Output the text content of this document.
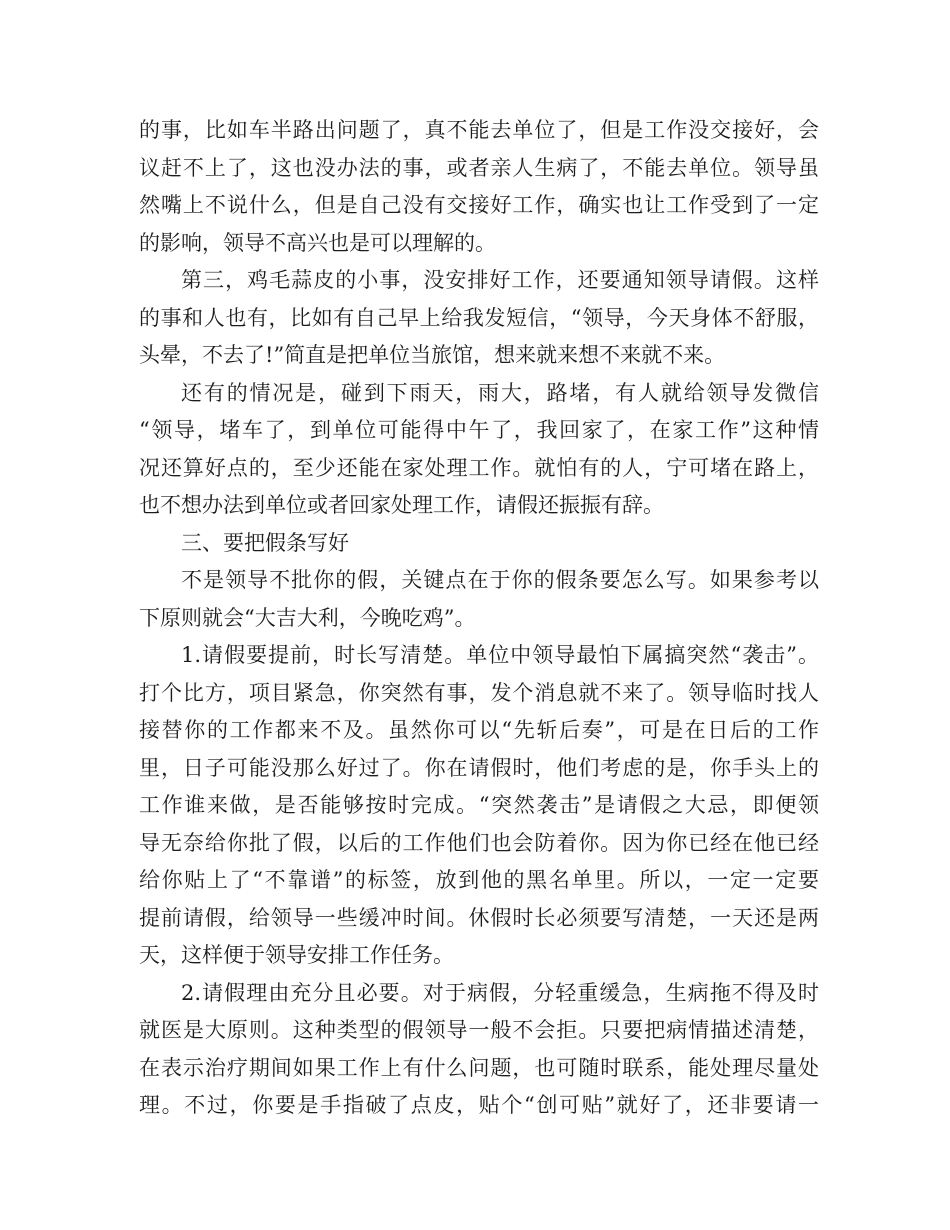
的事，比如车半路出问题了，真不能去单位了，但是工作没交接好，会
议赶不上了，这也没办法的事，或者亲人生病了，不能去单位。领导虽
然嘴上不说什么，但是自己没有交接好工作，确实也让工作受到了一定
的影响，领导不高兴也是可以理解的。
第三，鸡毛蒜皮的小事，没安排好工作，还要通知领导请假。这样
的事和人也有，比如有自己早上给我发短信，“领导，今天身体不舒服，
头晕，不去了!”简直是把单位当旅馆，想来就来想不来就不来。
还有的情况是，碰到下雨天，雨大，路堵，有人就给领导发微信
“领导，堵车了，到单位可能得中午了，我回家了，在家工作”这种情
况还算好点的，至少还能在家处理工作。就怕有的人，宁可堵在路上，
也不想办法到单位或者回家处理工作，请假还振振有辞。
三、要把假条写好
不是领导不批你的假，关键点在于你的假条要怎么写。如果参考以
下原则就会“大吉大利，今晚吃鸡”。
1.请假要提前，时长写清楚。单位中领导最怕下属搞突然“袭击”。
打个比方，项目紧急，你突然有事，发个消息就不来了。领导临时找人
接替你的工作都来不及。虽然你可以“先斩后奏”，可是在日后的工作
里，日子可能没那么好过了。你在请假时，他们考虑的是，你手头上的
工作谁来做，是否能够按时完成。“突然袭击”是请假之大忌，即便领
导无奈给你批了假，以后的工作他们也会防着你。因为你已经在他已经
给你贴上了“不靠谱”的标签，放到他的黑名单里。所以，一定一定要
提前请假，给领导一些缓冲时间。休假时长必须要写清楚，一天还是两
天，这样便于领导安排工作任务。
2.请假理由充分且必要。对于病假，分轻重缓急，生病拖不得及时
就医是大原则。这种类型的假领导一般不会拒。只要把病情描述清楚，
在表示治疗期间如果工作上有什么问题，也可随时联系，能处理尽量处
理。不过，你要是手指破了点皮，贴个“创可贴”就好了，还非要请一
